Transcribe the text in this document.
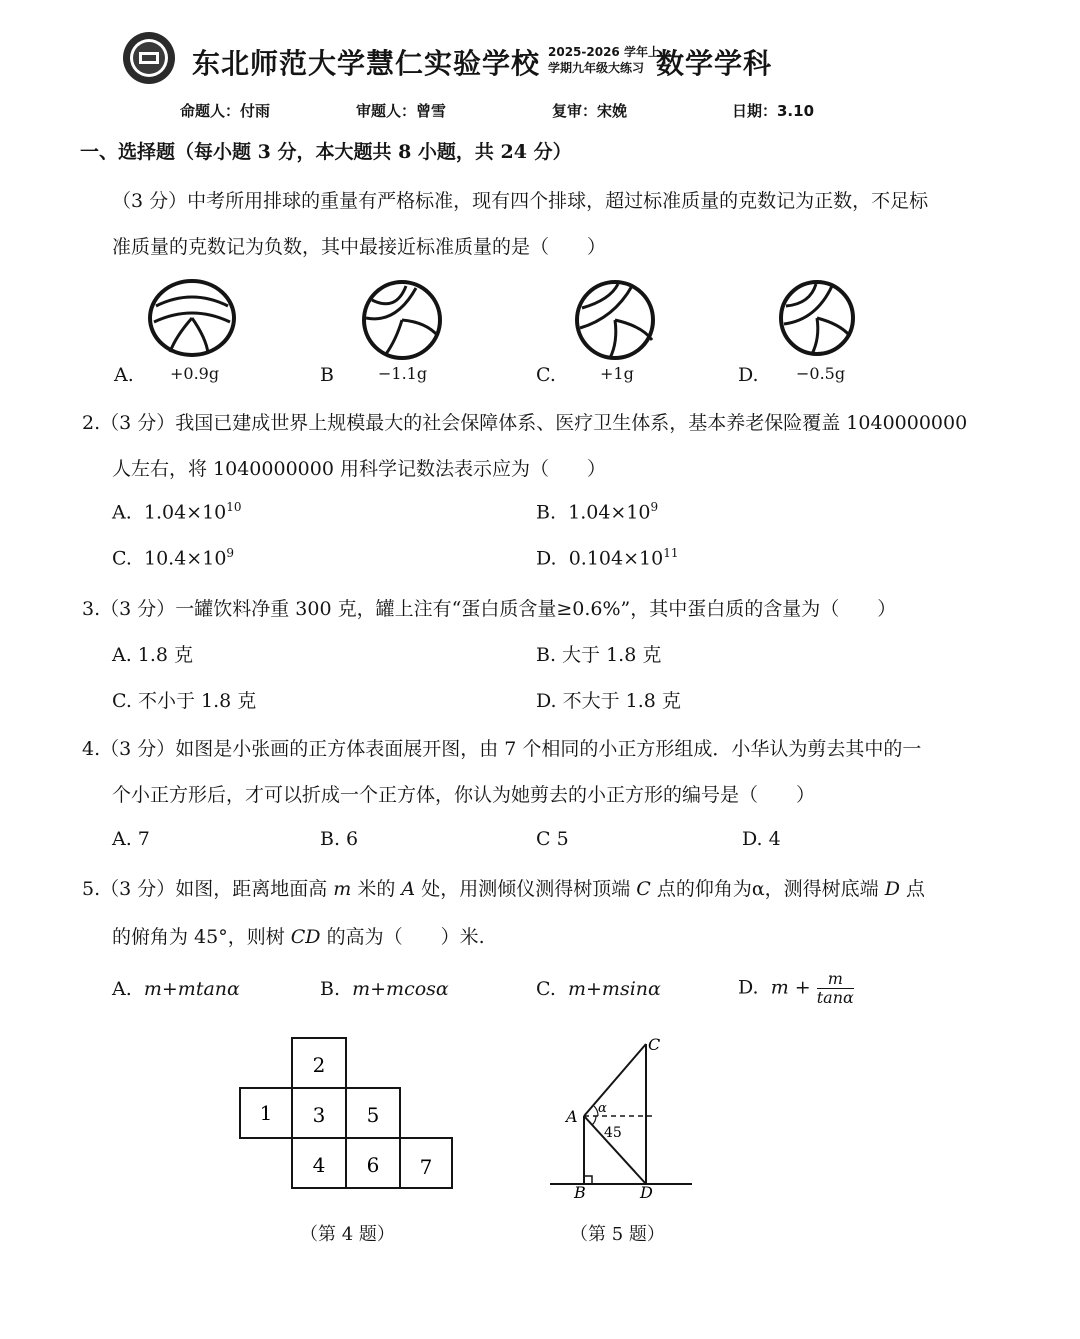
东北师范大学慧仁实验学校 2025-2026 学年上
学期九年级大练习 数学学科
命题人：付雨	审题人：曾雪	复审：宋娩	日期：3.10
一、选择题（每小题 3 分，本大题共 8 小题，共 24 分）
（3 分）中考所用排球的重量有严格标准，现有四个排球，超过标准质量的克数记为正数，不足标
准质量的克数记为负数，其中最接近标准质量的是（　　）
A. +0.9g	B	−1.1g	C.	+1g	D. −0.5g
2.（3 分）我国已建成世界上规模最大的社会保障体系、医疗卫生体系，基本养老保险覆盖 1040000000
人左右，将 1040000000 用科学记数法表示应为（　　）
A. $1.04\times 10^{10}$	B. $1.04\times 10^9$
C. $10.4\times 10^9$	D. $0.104\times 10^{11}$
3.（3 分）一罐饮料净重 300 克，罐上注有“蛋白质含量≥0.6%”，其中蛋白质的含量为（　　）
A. 1.8 克	B. 大于 1.8 克
C. 不小于 1.8 克	D. 不大于 1.8 克
4.（3 分）如图是小张画的正方体表面展开图，由 7 个相同的小正方形组成．小华认为剪去其中的一
个小正方形后，才可以折成一个正方体，你认为她剪去的小正方形的编号是（　　）
A. 7	B. 6	C 5	D. 4
5.（3 分）如图，距离地面高 m 米的 A 处，用测倾仪测得树顶端 C 点的仰角为α，测得树底端 D 点
的俯角为 45°，则树 CD 的高为（　　）米.
A. m+mtanα	B. m+mcosα	C. m+msinα	D. $m + \frac{m}{\tan\alpha}$
2
1 3 5
4 6 7
（第 4 题）
C
A
B	D
α
45
（第 5 题）
